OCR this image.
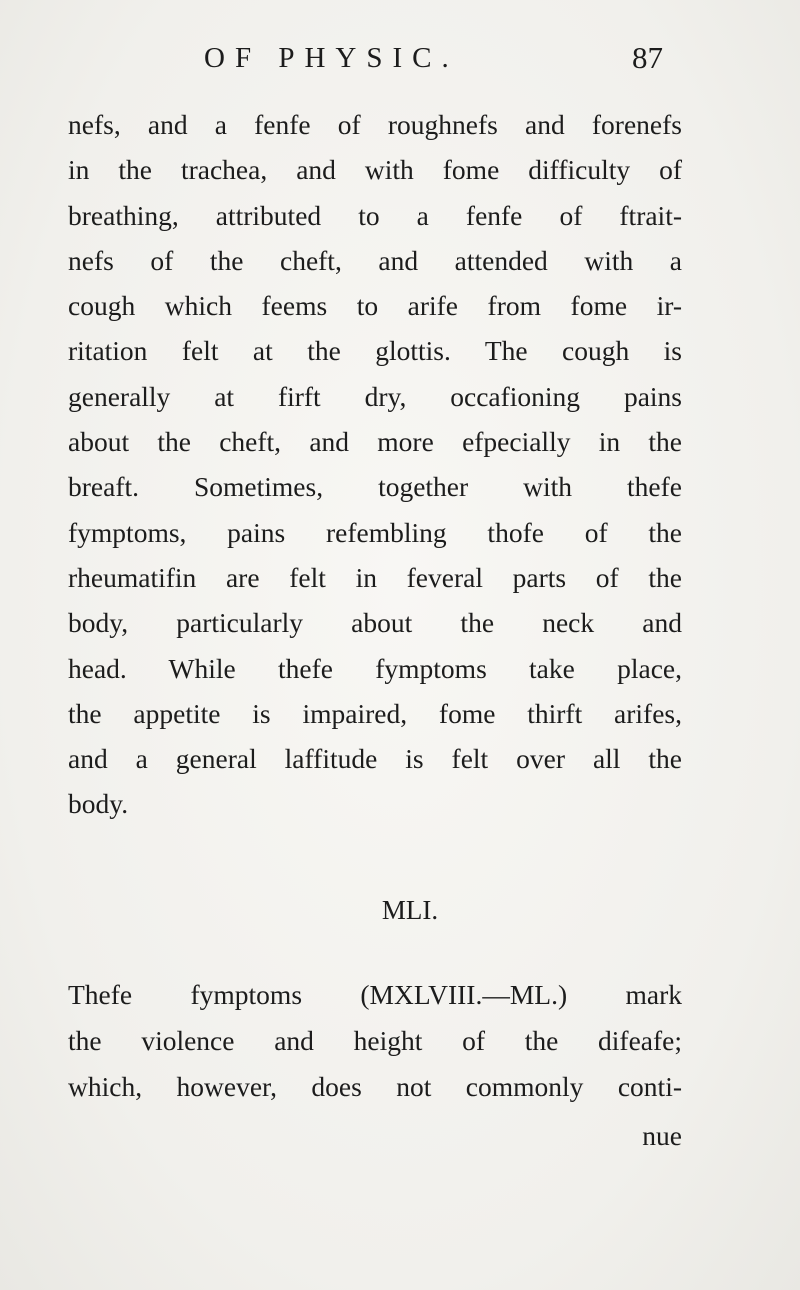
OF PHYSIC.	87
nefs, and a fenfe of roughnefs and forenefs
in the trachea, and with fome difficulty of
breathing, attributed to a fenfe of ftrait-
nefs of the cheft, and attended with a
cough which feems to arife from fome ir-
ritation felt at the glottis. The cough is
generally at firft dry, occafioning pains
about the cheft, and more efpecially in the
breaft. Sometimes, together with thefe
fymptoms, pains refembling thofe of the
rheumatifin are felt in feveral parts of the
body, particularly about the neck and
head. While thefe fymptoms take place,
the appetite is impaired, fome thirft arifes,
and a general laffitude is felt over all the
body.
MLI.
Thefe fymptoms (MXLVIII.—ML.) mark
the violence and height of the difeafe;
which, however, does not commonly conti-
nue
